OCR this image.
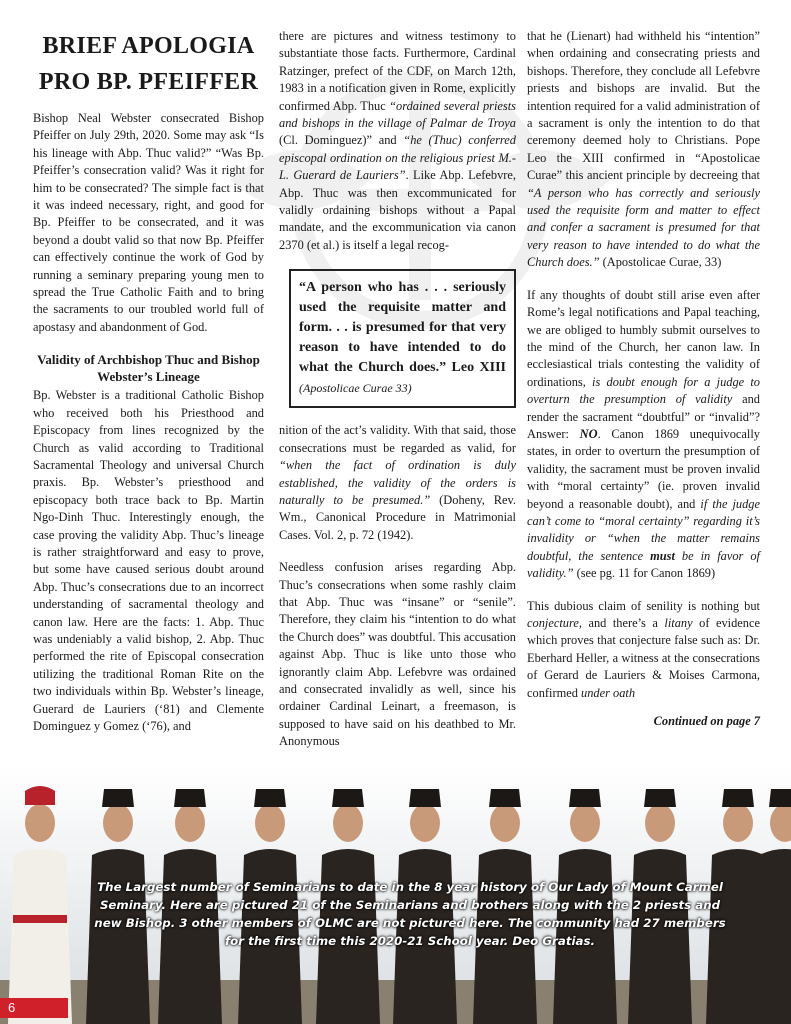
BRIEF APOLOGIA
PRO BP. PFEIFFER

Bishop Neal Webster consecrated Bishop Pfeiffer on July 29th, 2020. Some may ask “Is his lineage with Abp. Thuc valid?” “Was Bp. Pfeiffer’s consecration valid? Was it right for him to be consecrated? The simple fact is that it was indeed necessary, right, and good for Bp. Pfeiffer to be consecrated, and it was beyond a doubt valid so that now Bp. Pfeiffer can effectively continue the work of God by running a seminary preparing young men to spread the True Catholic Faith and to bring the sacraments to our troubled world full of apostasy and abandonment of God.

Validity of Archbishop Thuc and Bishop Webster’s Lineage

Bp. Webster is a traditional Catholic Bishop who received both his Priesthood and Episcopacy from lines recognized by the Church as valid according to Traditional Sacramental Theology and universal Church praxis. Bp. Webster’s priesthood and episcopacy both trace back to Bp. Martin Ngo-Dinh Thuc. Interestingly enough, the case proving the validity Abp. Thuc’s lineage is rather straightforward and easy to prove, but some have caused serious doubt around Abp. Thuc’s consecrations due to an incorrect understanding of sacramental theology and canon law. Here are the facts: 1. Abp. Thuc was undeniably a valid bishop, 2. Abp. Thuc performed the rite of Episcopal consecration utilizing the traditional Roman Rite on the two individuals within Bp. Webster’s lineage, Guerard de Lauriers (‘81) and Clemente Dominguez y Gomez (‘76), and

there are pictures and witness testimony to substantiate those facts. Furthermore, Cardinal Ratzinger, prefect of the CDF, on March 12th, 1983 in a notification given in Rome, explicitly confirmed Abp. Thuc “ordained several priests and bishops in the village of Palmar de Troya (Cl. Dominguez)” and “he (Thuc) conferred episcopal ordination on the religious priest M.-L. Guerard de Lauriers”. Like Abp. Lefebvre, Abp. Thuc was then excommunicated for validly ordaining bishops without a Papal mandate, and the excommunication via canon 2370 (et al.) is itself a legal recog-

“A person who has . . . seriously used the requisite matter and form. . . is presumed for that very reason to have intended to do what the Church does.” Leo XIII (Apostolicae Curae 33)

nition of the act’s validity. With that said, those consecrations must be regarded as valid, for “when the fact of ordination is duly established, the validity of the orders is naturally to be presumed.” (Doheny, Rev. Wm., Canonical Procedure in Matrimonial Cases. Vol. 2, p. 72 (1942).

Needless confusion arises regarding Abp. Thuc’s consecrations when some rashly claim that Abp. Thuc was “insane” or “senile”. Therefore, they claim his “intention to do what the Church does” was doubtful. This accusation against Abp. Thuc is like unto those who ignorantly claim Abp. Lefebvre was ordained and consecrated invalidly as well, since his ordainer Cardinal Leinart, a freemason, is supposed to have said on his deathbed to Mr. Anonymous

that he (Lienart) had withheld his “intention” when ordaining and consecrating priests and bishops. Therefore, they conclude all Lefebvre priests and bishops are invalid. But the intention required for a valid administration of a sacrament is only the intention to do that ceremony deemed holy to Christians. Pope Leo the XIII confirmed in “Apostolicae Curae” this ancient principle by decreeing that “A person who has correctly and seriously used the requisite form and matter to effect and confer a sacrament is presumed for that very reason to have intended to do what the Church does.” (Apostolicae Curae, 33)

If any thoughts of doubt still arise even after Rome’s legal notifications and Papal teaching, we are obliged to humbly submit ourselves to the mind of the Church, her canon law. In ecclesiastical trials contesting the validity of ordinations, is doubt enough for a judge to overturn the presumption of validity and render the sacrament “doubtful” or “invalid”? Answer: NO. Canon 1869 unequivocally states, in order to overturn the presumption of validity, the sacrament must be proven invalid with “moral certainty” (ie. proven invalid beyond a reasonable doubt), and if the judge can’t come to “moral certainty” regarding it’s invalidity or “when the matter remains doubtful, the sentence must be in favor of validity.” (see pg. 11 for Canon 1869)

This dubious claim of senility is nothing but conjecture, and there’s a litany of evidence which proves that conjecture false such as: Dr. Eberhard Heller, a witness at the consecrations of Gerard de Lauriers & Moises Carmona, confirmed under oath

Continued on page 7
The Largest number of Seminarians to date in the 8 year history of Our Lady of Mount Carmel Seminary. Here are pictured 21 of the Seminarians and brothers along with the 2 priests and new Bishop. 3 other members of OLMC are not pictured here. The community had 27 members for the first time this 2020-21 School year. Deo Gratias.
6
